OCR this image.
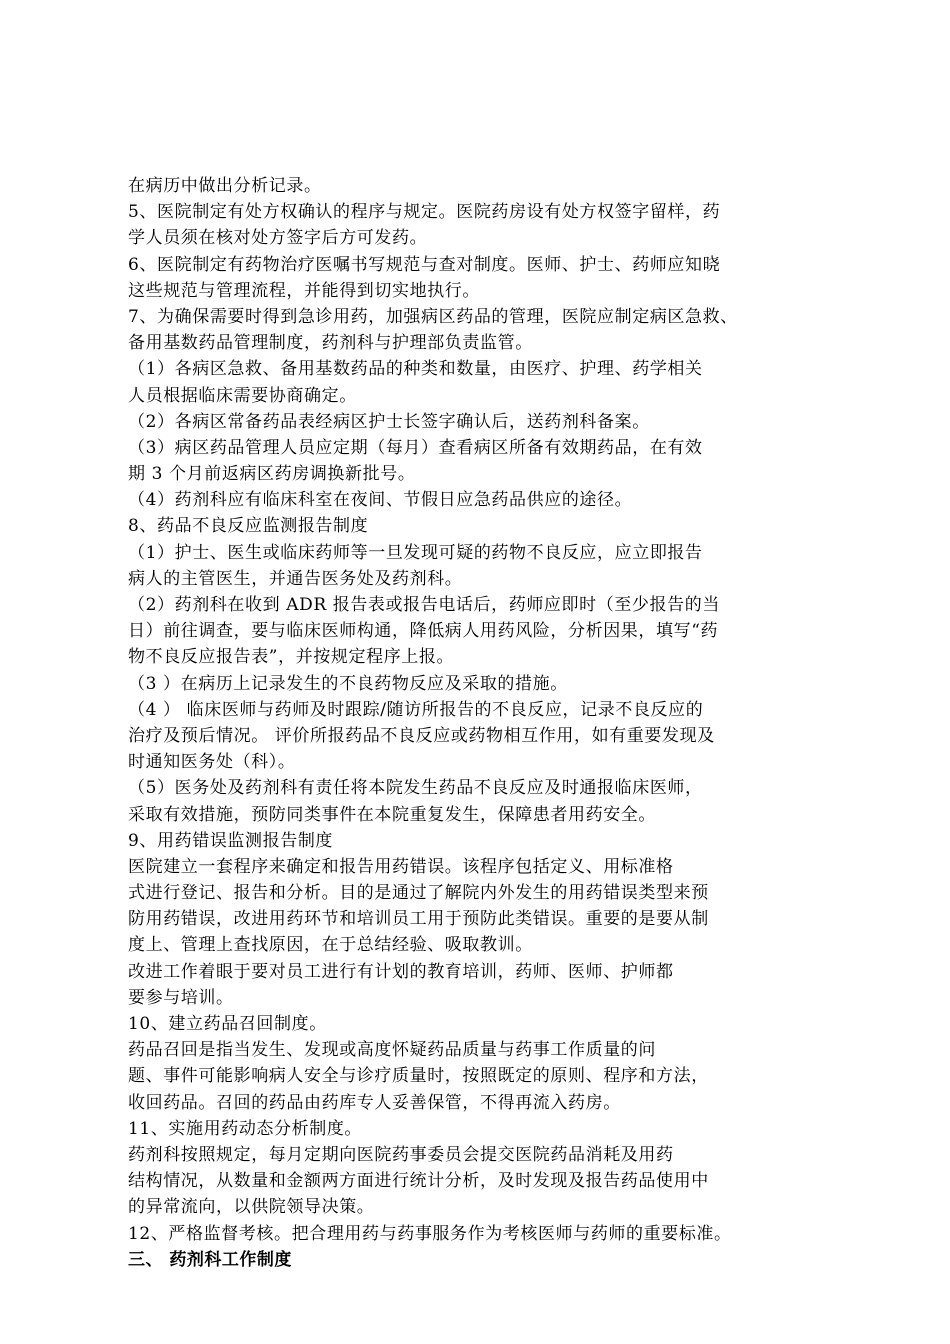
在病历中做出分析记录。
5、医院制定有处方权确认的程序与规定。医院药房设有处方权签字留样，药
学人员须在核对处方签字后方可发药。
6、医院制定有药物治疗医嘱书写规范与查对制度。医师、护士、药师应知晓
这些规范与管理流程，并能得到切实地执行。
7、为确保需要时得到急诊用药，加强病区药品的管理，医院应制定病区急救、
备用基数药品管理制度，药剂科与护理部负责监管。
（1）各病区急救、备用基数药品的种类和数量，由医疗、护理、药学相关
人员根据临床需要协商确定。
（2）各病区常备药品表经病区护士长签字确认后，送药剂科备案。
（3）病区药品管理人员应定期（每月）查看病区所备有效期药品，在有效
期 3 个月前返病区药房调换新批号。
（4）药剂科应有临床科室在夜间、节假日应急药品供应的途径。
8、药品不良反应监测报告制度
（1）护士、医生或临床药师等一旦发现可疑的药物不良反应，应立即报告
病人的主管医生，并通告医务处及药剂科。
（2）药剂科在收到 ADR 报告表或报告电话后，药师应即时（至少报告的当
日）前往调查，要与临床医师构通，降低病人用药风险，分析因果，填写“药
物不良反应报告表”，并按规定程序上报。
（3 ）在病历上记录发生的不良药物反应及采取的措施。
（4 ） 临床医师与药师及时跟踪/随访所报告的不良反应，记录不良反应的
治疗及预后情况。 评价所报药品不良反应或药物相互作用，如有重要发现及
时通知医务处（科）。
（5）医务处及药剂科有责任将本院发生药品不良反应及时通报临床医师，
采取有效措施，预防同类事件在本院重复发生，保障患者用药安全。
9、用药错误监测报告制度
医院建立一套程序来确定和报告用药错误。该程序包括定义、用标准格
式进行登记、报告和分析。目的是通过了解院内外发生的用药错误类型来预
防用药错误，改进用药环节和培训员工用于预防此类错误。重要的是要从制
度上、管理上查找原因，在于总结经验、吸取教训。
改进工作着眼于要对员工进行有计划的教育培训，药师、医师、护师都
要参与培训。
10、建立药品召回制度。
药品召回是指当发生、发现或高度怀疑药品质量与药事工作质量的问
题、事件可能影响病人安全与诊疗质量时，按照既定的原则、程序和方法，
收回药品。召回的药品由药库专人妥善保管，不得再流入药房。
11、实施用药动态分析制度。
药剂科按照规定，每月定期向医院药事委员会提交医院药品消耗及用药
结构情况，从数量和金额两方面进行统计分析，及时发现及报告药品使用中
的异常流向，以供院领导决策。
12、严格监督考核。把合理用药与药事服务作为考核医师与药师的重要标准。
三、 药剂科工作制度
